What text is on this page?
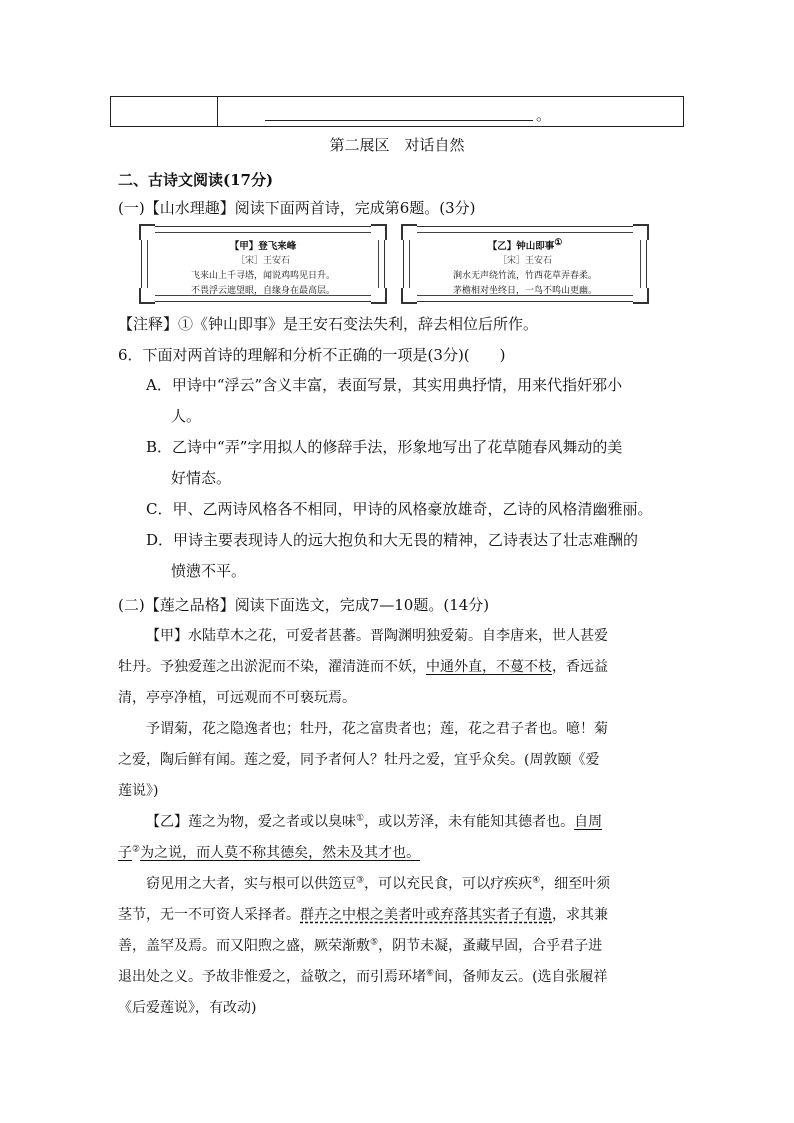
。
第二展区　对话自然
二、古诗文阅读(17分)
(一)【山水理趣】阅读下面两首诗，完成第6题。(3分)
【甲】登飞来峰
［宋］王安石
飞来山上千寻塔，闻说鸡鸣见日升。
不畏浮云遮望眼，自缘身在最高层。
【乙】钟山即事①
［宋］王安石
涧水无声绕竹流，竹西花草弄春柔。
茅檐相对坐终日，一鸟不鸣山更幽。
【注释】①《钟山即事》是王安石变法失利，辞去相位后所作。
6．下面对两首诗的理解和分析不正确的一项是(3分)(　　)
A．甲诗中“浮云”含义丰富，表面写景，其实用典抒情，用来代指奸邪小
人。
B．乙诗中“弄”字用拟人的修辞手法，形象地写出了花草随春风舞动的美
好情态。
C．甲、乙两诗风格各不相同，甲诗的风格豪放雄奇，乙诗的风格清幽雅丽。
D．甲诗主要表现诗人的远大抱负和大无畏的精神，乙诗表达了壮志难酬的
愤懑不平。
(二)【莲之品格】阅读下面选文，完成7—10题。(14分)
【甲】水陆草木之花，可爱者甚蕃。晋陶渊明独爱菊。自李唐来，世人甚爱
牡丹。予独爱莲之出淤泥而不染，濯清涟而不妖，中通外直，不蔓不枝，香远益
清，亭亭净植，可远观而不可亵玩焉。
予谓菊，花之隐逸者也；牡丹，花之富贵者也；莲，花之君子者也。噫！菊
之爱，陶后鲜有闻。莲之爱，同予者何人？牡丹之爱，宜乎众矣。(周敦颐《爱
莲说》)
【乙】莲之为物，爱之者或以臭味①，或以芳泽，未有能知其德者也。自周
子②为之说，而人莫不称其德矣，然未及其才也。
窃见用之大者，实与根可以供笾豆③，可以充民食，可以疗疾疢④，细至叶须
茎节，无一不可资人采择者。群卉之中根之美者叶或弃落其实者子有遗，求其兼
善，盖罕及焉。而又阳煦之盛，厥荣渐敷⑤，阴节未凝，蚤藏早固，合乎君子进
退出处之义。予故非惟爱之，益敬之，而引焉环堵⑥间，备师友云。(选自张履祥
《后爱莲说》，有改动)
